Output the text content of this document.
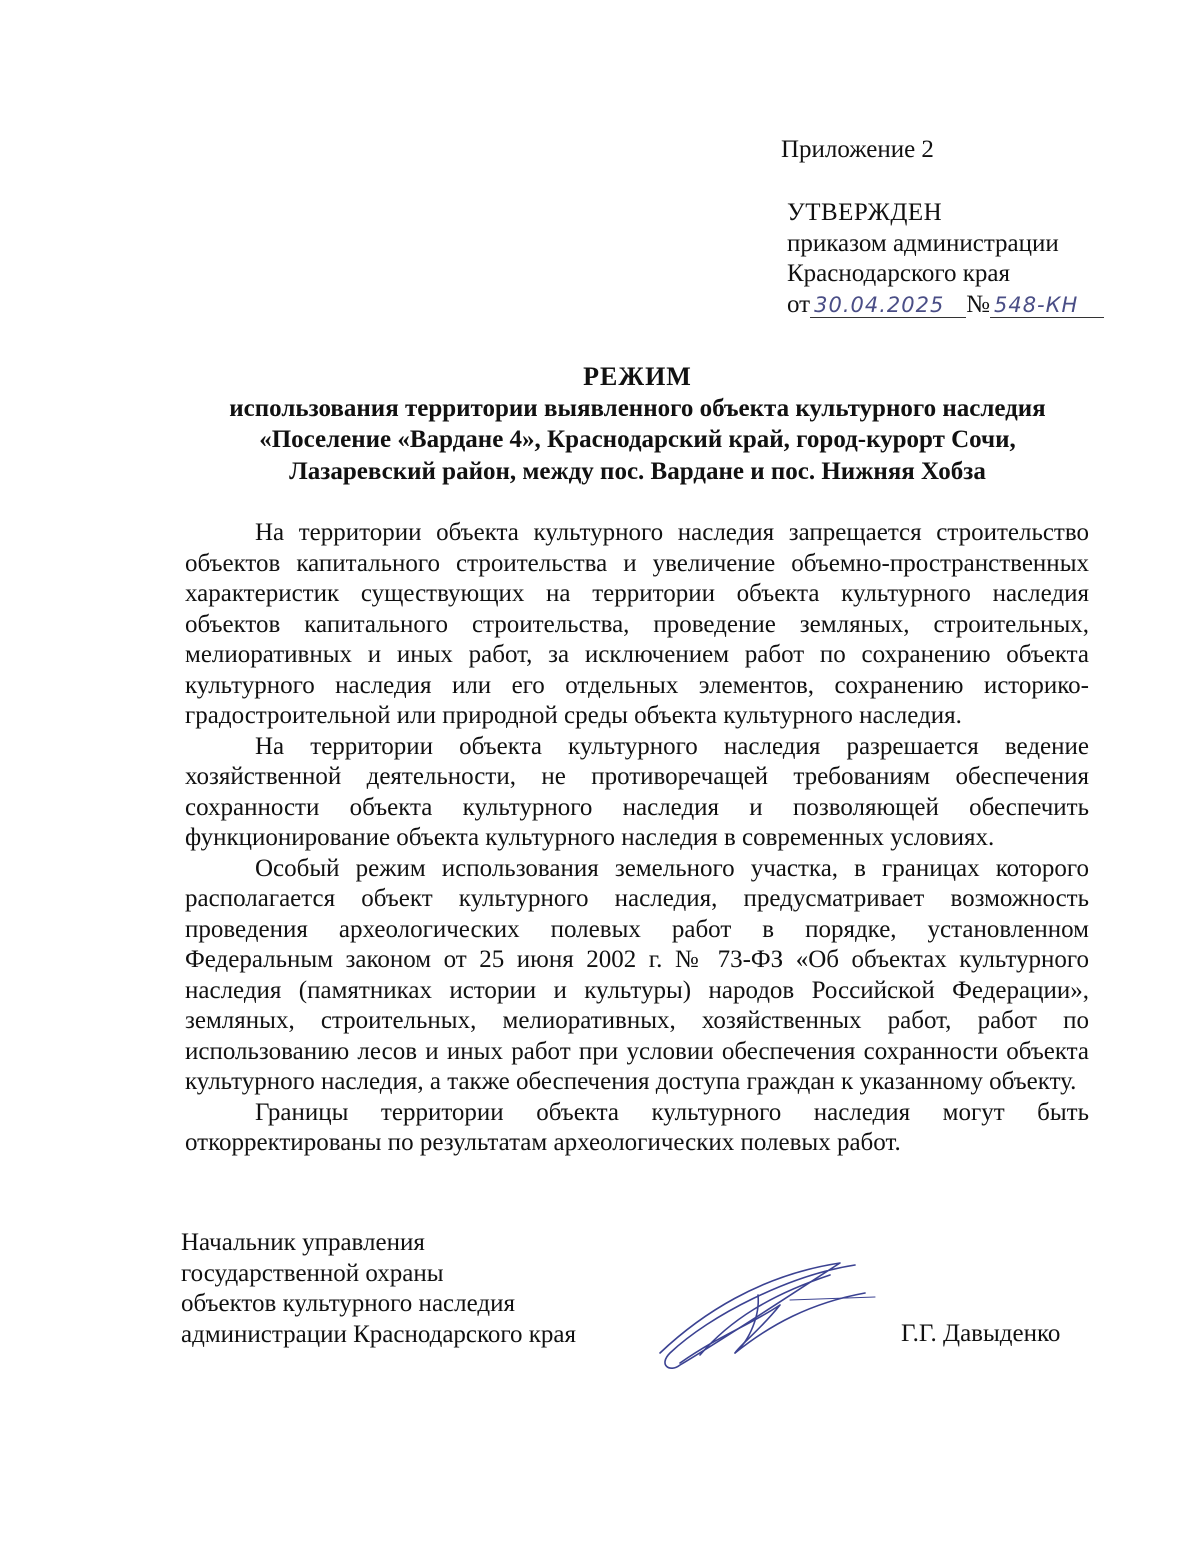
Приложение 2
УТВЕРЖДЕН
приказом администрации
Краснодарского края
от 30.04.2025 № 548-КН
РЕЖИМ
использования территории выявленного объекта культурного наследия
«Поселение «Вардане 4», Краснодарский край, город-курорт Сочи,
Лазаревский район, между пос. Вардане и пос. Нижняя Хобза

На территории объекта культурного наследия запрещается строительство объектов капитального строительства и увеличение объемно-пространственных характеристик существующих на территории объекта культурного наследия объектов капитального строительства, проведение земляных, строительных, мелиоративных и иных работ, за исключением работ по сохранению объекта культурного наследия или его отдельных элементов, сохранению историко-градостроительной или природной среды объекта культурного наследия.

На территории объекта культурного наследия разрешается ведение хозяйственной деятельности, не противоречащей требованиям обеспечения сохранности объекта культурного наследия и позволяющей обеспечить функционирование объекта культурного наследия в современных условиях.

Особый режим использования земельного участка, в границах которого располагается объект культурного наследия, предусматривает возможность проведения археологических полевых работ в порядке, установленном Федеральным законом от 25 июня 2002 г. № 73-ФЗ «Об объектах культурного наследия (памятниках истории и культуры) народов Российской Федерации», земляных, строительных, мелиоративных, хозяйственных работ, работ по использованию лесов и иных работ при условии обеспечения сохранности объекта культурного наследия, а также обеспечения доступа граждан к указанному объекту.

Границы территории объекта культурного наследия могут быть откорректированы по результатам археологических полевых работ.

Начальник управления
государственной охраны
объектов культурного наследия
администрации Краснодарского края	Г.Г. Давыденко
